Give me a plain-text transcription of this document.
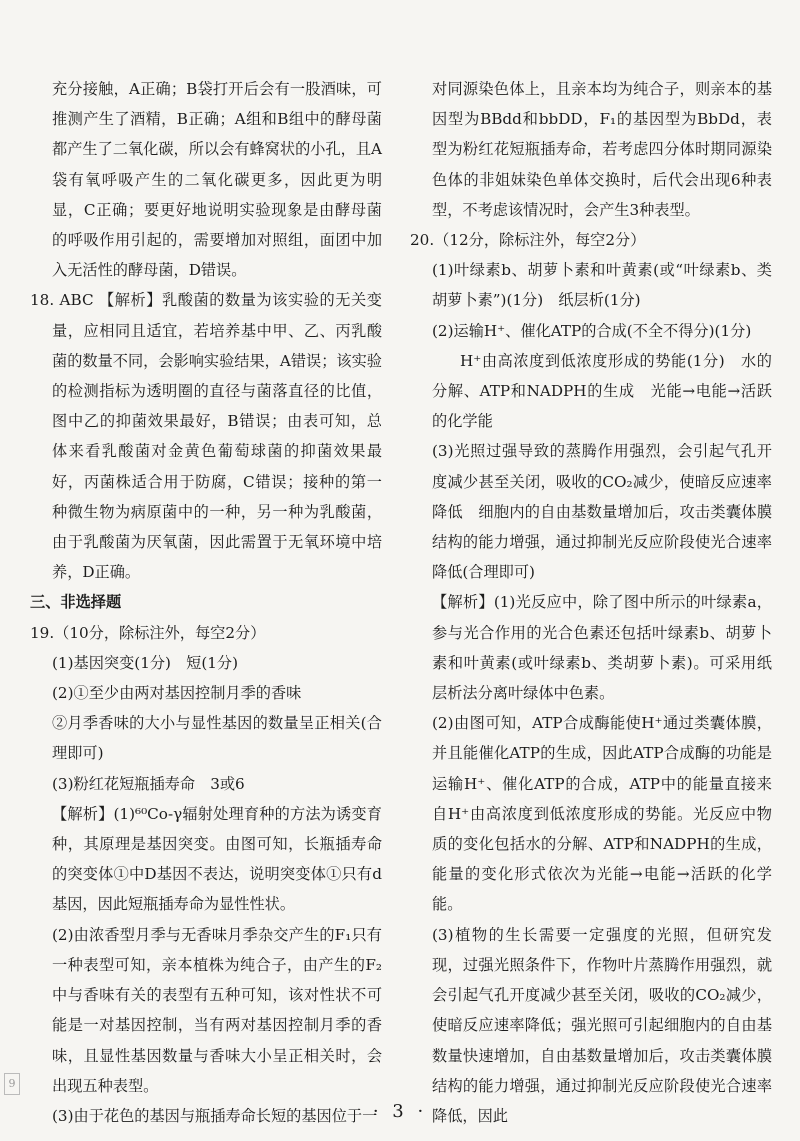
充分接触，A正确；B袋打开后会有一股酒味，可推测产生了酒精，B正确；A组和B组中的酵母菌都产生了二氧化碳，所以会有蜂窝状的小孔，且A袋有氧呼吸产生的二氧化碳更多，因此更为明显，C正确；要更好地说明实验现象是由酵母菌的呼吸作用引起的，需要增加对照组，面团中加入无活性的酵母菌，D错误。

18. ABC 【解析】乳酸菌的数量为该实验的无关变量，应相同且适宜，若培养基中甲、乙、丙乳酸菌的数量不同，会影响实验结果，A错误；该实验的检测指标为透明圈的直径与菌落直径的比值，图中乙的抑菌效果最好，B错误；由表可知，总体来看乳酸菌对金黄色葡萄球菌的抑菌效果最好，丙菌株适合用于防腐，C错误；接种的第一种微生物为病原菌中的一种，另一种为乳酸菌，由于乳酸菌为厌氧菌，因此需置于无氧环境中培养，D正确。

三、非选择题

19.（10分，除标注外，每空2分）

(1)基因突变(1分)　短(1分)

(2)①至少由两对基因控制月季的香味

②月季香味的大小与显性基因的数量呈正相关(合理即可)

(3)粉红花短瓶插寿命　3或6

【解析】(1)⁶⁰Co-γ辐射处理育种的方法为诱变育种，其原理是基因突变。由图可知，长瓶插寿命的突变体①中D基因不表达，说明突变体①只有d基因，因此短瓶插寿命为显性性状。

(2)由浓香型月季与无香味月季杂交产生的F₁只有一种表型可知，亲本植株为纯合子，由产生的F₂中与香味有关的表型有五种可知，该对性状不可能是一对基因控制，当有两对基因控制月季的香味，且显性基因数量与香味大小呈正相关时，会出现五种表型。

(3)由于花色的基因与瓶插寿命长短的基因位于一

对同源染色体上，且亲本均为纯合子，则亲本的基因型为BBdd和bbDD，F₁的基因型为BbDd，表型为粉红花短瓶插寿命，若考虑四分体时期同源染色体的非姐妹染色单体交换时，后代会出现6种表型，不考虑该情况时，会产生3种表型。

20.（12分，除标注外，每空2分）

(1)叶绿素b、胡萝卜素和叶黄素(或“叶绿素b、类胡萝卜素”)(1分)　纸层析(1分)

(2)运输H⁺、催化ATP的合成(不全不得分)(1分)

H⁺由高浓度到低浓度形成的势能(1分)　水的分解、ATP和NADPH的生成　光能→电能→活跃的化学能

(3)光照过强导致的蒸腾作用强烈，会引起气孔开度减少甚至关闭，吸收的CO₂减少，使暗反应速率降低　细胞内的自由基数量增加后，攻击类囊体膜结构的能力增强，通过抑制光反应阶段使光合速率降低(合理即可)

【解析】(1)光反应中，除了图中所示的叶绿素a，参与光合作用的光合色素还包括叶绿素b、胡萝卜素和叶黄素(或叶绿素b、类胡萝卜素)。可采用纸层析法分离叶绿体中色素。

(2)由图可知，ATP合成酶能使H⁺通过类囊体膜，并且能催化ATP的生成，因此ATP合成酶的功能是运输H⁺、催化ATP的合成，ATP中的能量直接来自H⁺由高浓度到低浓度形成的势能。光反应中物质的变化包括水的分解、ATP和NADPH的生成，能量的变化形式依次为光能→电能→活跃的化学能。

(3)植物的生长需要一定强度的光照，但研究发现，过强光照条件下，作物叶片蒸腾作用强烈，就会引起气孔开度减少甚至关闭，吸收的CO₂减少，使暗反应速率降低；强光照可引起细胞内的自由基数量快速增加，自由基数量增加后，攻击类囊体膜结构的能力增强，通过抑制光反应阶段使光合速率降低，因此

9
· 3 ·
